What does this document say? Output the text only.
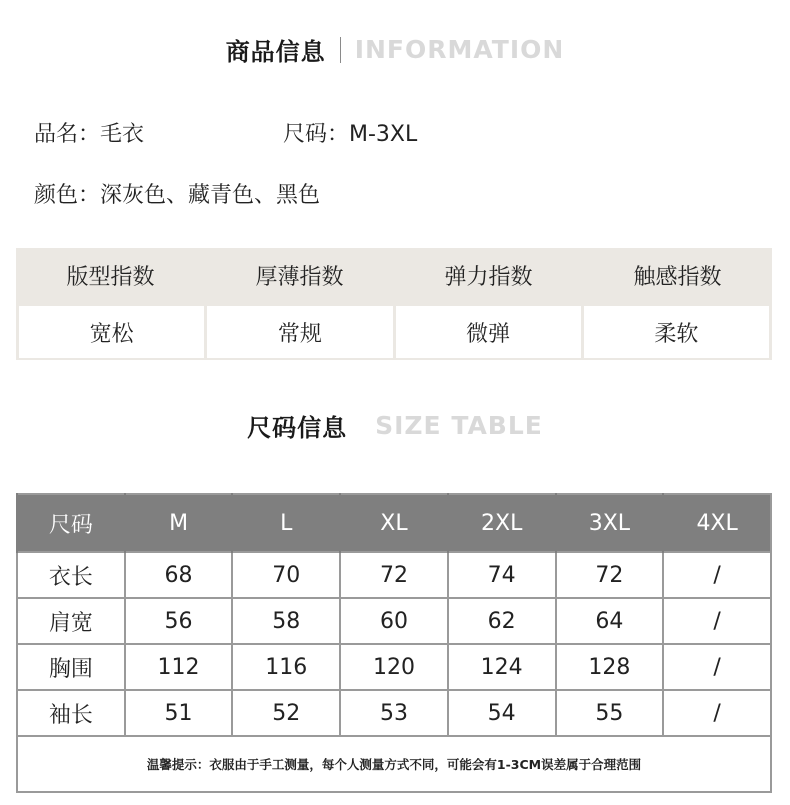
商品信息 INFORMATION
品名：毛衣	尺码：M-3XL
颜色：深灰色、藏青色、黑色
版型指数	厚薄指数	弹力指数	触感指数
宽松	常规	微弹	柔软
尺码信息 SIZE TABLE
尺码	M	L	XL	2XL	3XL	4XL
衣长	68	70	72	74	72	/
肩宽	56	58	60	62	64	/
胸围	112	116	120	124	128	/
袖长	51	52	53	54	55	/
温馨提示：衣服由于手工测量，每个人测量方式不同，可能会有1-3CM误差属于合理范围						
